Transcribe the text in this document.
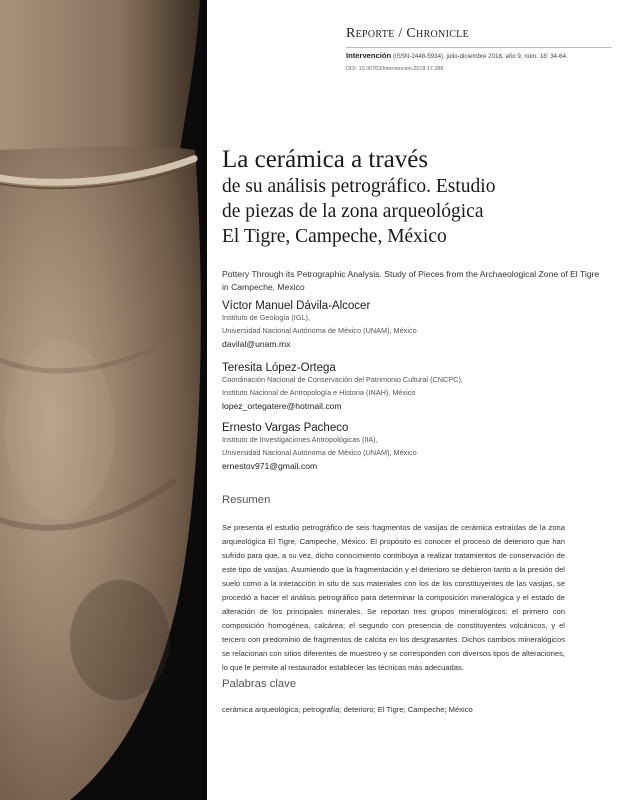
Reporte / Chronicle
Intervención (ISSN-2448-5934), julio-diciembre 2018, año 9, núm. 18: 34-64.
DOI: 10.30763/Intervencion.2018.17.388
La cerámica a través
de su análisis petrográfico. Estudio
de piezas de la zona arqueológica
El Tigre, Campeche, México
Pottery Through its Petrographic Analysis. Study of Pieces from the Archaeological Zone of El Tigre in Campeche, Mexico
Víctor Manuel Dávila-Alcocer
Instituto de Geología (IGL),
Universidad Nacional Autónoma de México (UNAM), México
davilal@unam.mx
Teresita López-Ortega
Coordinación Nacional de Conservación del Patrimonio Cultural (CNCPC),
Instituto Nacional de Antropología e Historia (INAH), México
lopez_ortegatere@hotmail.com
Ernesto Vargas Pacheco
Instituto de Investigaciones Antropológicas (IIA),
Universidad Nacional Autónoma de México (UNAM), México
ernestov971@gmail.com
Resumen
Se presenta el estudio petrográfico de seis fragmentos de vasijas de cerámica extraídas de la zona arqueológica El Tigre, Campeche, México. El propósito es conocer el proceso de deterioro que han sufrido para que, a su vez, dicho conocimiento contribuya a realizar tratamientos de conservación de este tipo de vasijas. Asumiendo que la fragmentación y el deterioro se debieron tanto a la presión del suelo como a la interacción in situ de sus materiales con los de los constituyentes de las vasijas, se procedió a hacer el análisis petrográfico para determinar la composición mineralógica y el estado de alteración de los principales minerales. Se reportan tres grupos mineralógicos: el primero con composición homogénea, calcárea; el segundo con presencia de constituyentes volcánicos, y el tercero con predominio de fragmentos de calcita en los desgrasantes. Dichos cambios mineralógicos se relacionan con sitios diferentes de muestreo y se corresponden con diversos tipos de alteraciones, lo que le permite al restaurador establecer las técnicas más adecuadas.
Palabras clave
cerámica arqueológica; petrografía; deterioro; El Tigre; Campeche; México
